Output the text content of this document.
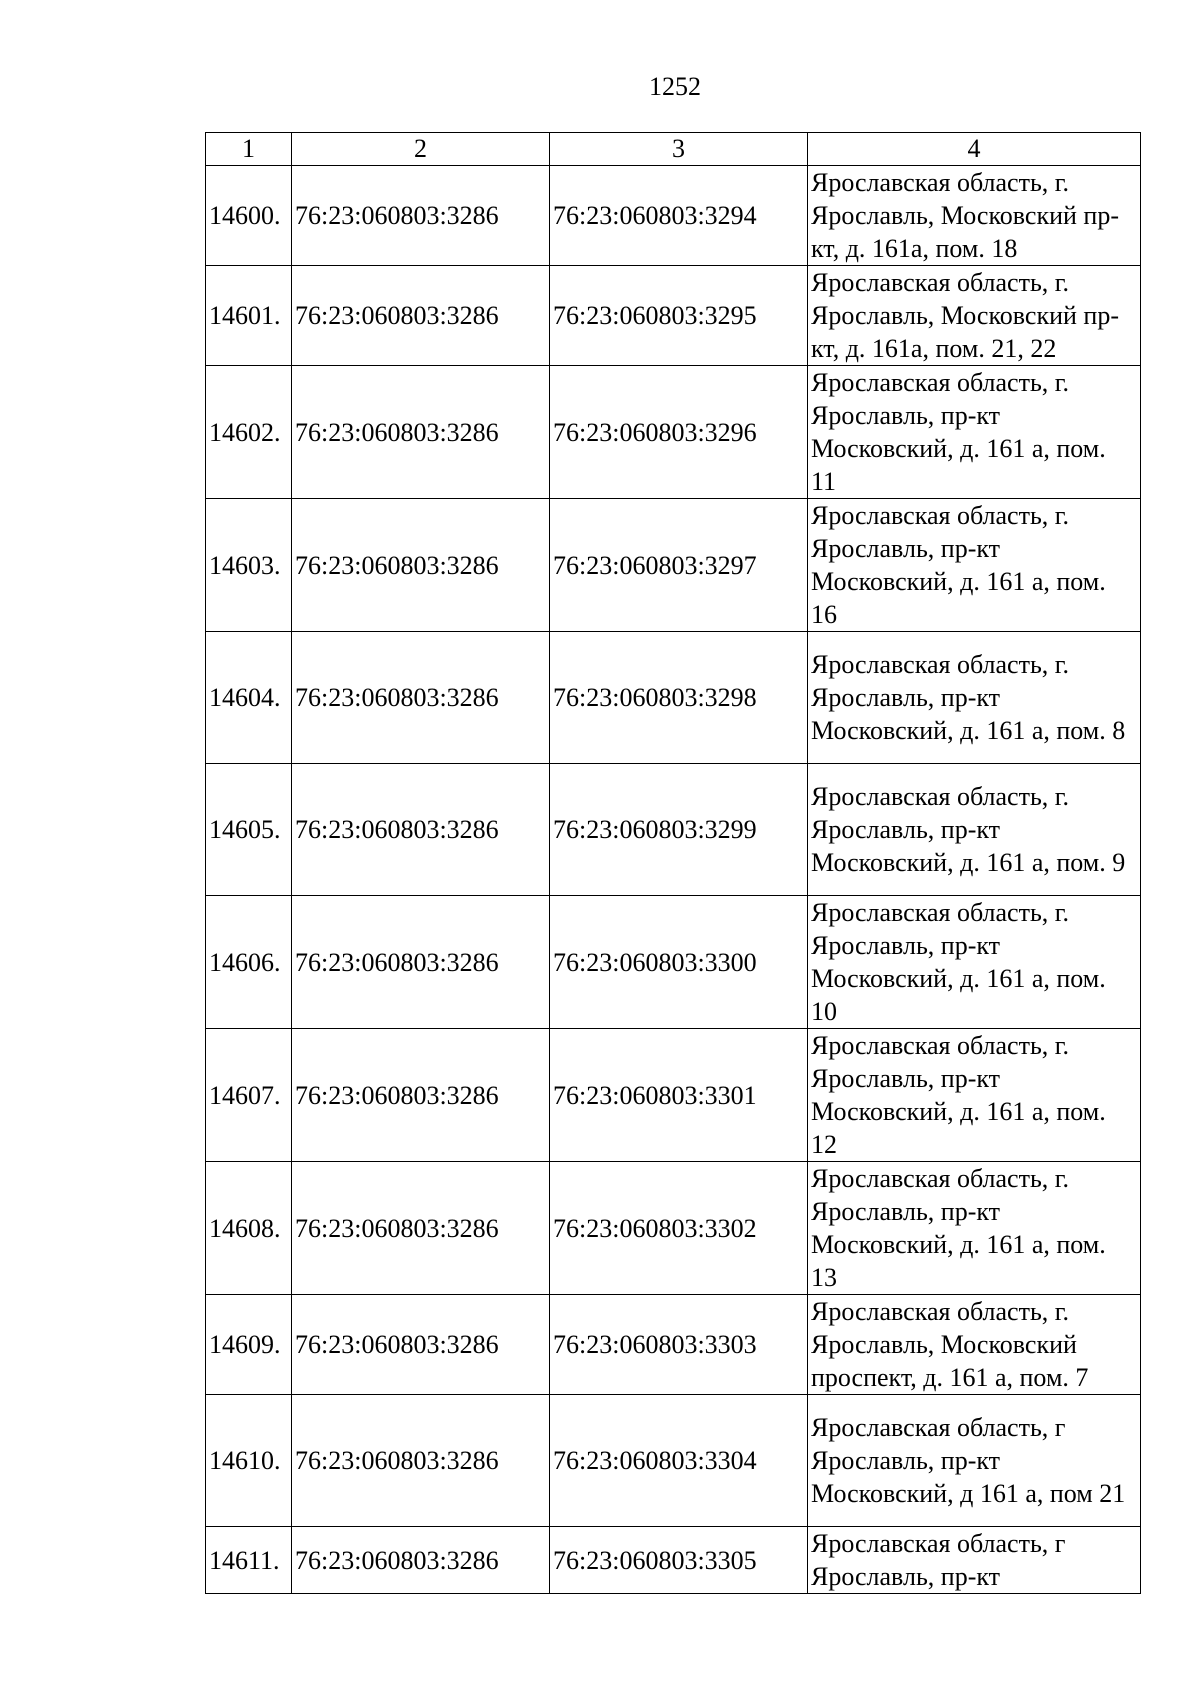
1252
1	2	3	4
14600.	76:23:060803:3286	76:23:060803:3294	Ярославская область, г. Ярославль, Московский пр-кт, д. 161а, пом. 18
14601.	76:23:060803:3286	76:23:060803:3295	Ярославская область, г. Ярославль, Московский пр-кт, д. 161а, пом. 21, 22
14602.	76:23:060803:3286	76:23:060803:3296	Ярославская область, г. Ярославль, пр-кт Московский, д. 161 а, пом. 11
14603.	76:23:060803:3286	76:23:060803:3297	Ярославская область, г. Ярославль, пр-кт Московский, д. 161 а, пом. 16
14604.	76:23:060803:3286	76:23:060803:3298	Ярославская область, г. Ярославль, пр-кт Московский, д. 161 а, пом. 8
14605.	76:23:060803:3286	76:23:060803:3299	Ярославская область, г. Ярославль, пр-кт Московский, д. 161 а, пом. 9
14606.	76:23:060803:3286	76:23:060803:3300	Ярославская область, г. Ярославль, пр-кт Московский, д. 161 а, пом. 10
14607.	76:23:060803:3286	76:23:060803:3301	Ярославская область, г. Ярославль, пр-кт Московский, д. 161 а, пом. 12
14608.	76:23:060803:3286	76:23:060803:3302	Ярославская область, г. Ярославль, пр-кт Московский, д. 161 а, пом. 13
14609.	76:23:060803:3286	76:23:060803:3303	Ярославская область, г. Ярославль, Московский проспект, д. 161 а, пом. 7
14610.	76:23:060803:3286	76:23:060803:3304	Ярославская область, г Ярославль, пр-кт Московский, д 161 а, пом 21
14611.	76:23:060803:3286	76:23:060803:3305	Ярославская область, г Ярославль, пр-кт
